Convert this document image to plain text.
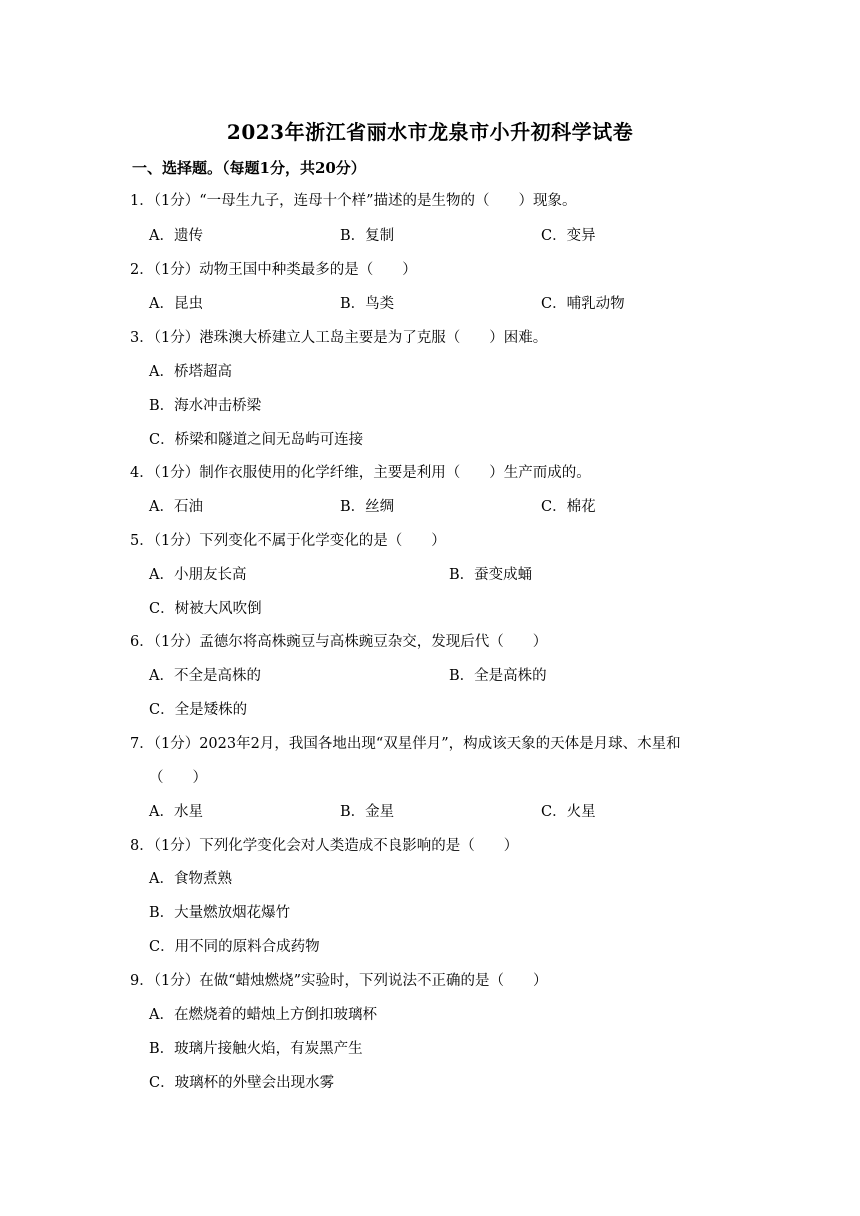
2023年浙江省丽水市龙泉市小升初科学试卷
一、选择题。（每题1分，共20分）
1．（1分）“一母生九子，连母十个样”描述的是生物的（　　）现象。
A．遗传	B．复制	C．变异
2．（1分）动物王国中种类最多的是（　　）
A．昆虫	B．鸟类	C．哺乳动物
3．（1分）港珠澳大桥建立人工岛主要是为了克服（　　）困难。
A．桥塔超高
B．海水冲击桥梁
C．桥梁和隧道之间无岛屿可连接
4．（1分）制作衣服使用的化学纤维，主要是利用（　　）生产而成的。
A．石油	B．丝绸	C．棉花
5．（1分）下列变化不属于化学变化的是（　　）
A．小朋友长高	B．蚕变成蛹
C．树被大风吹倒
6．（1分）孟德尔将高株豌豆与高株豌豆杂交，发现后代（　　）
A．不全是高株的	B．全是高株的
C．全是矮株的
7．（1分）2023年2月，我国各地出现“双星伴月”，构成该天象的天体是月球、木星和
（　　）
A．水星	B．金星	C．火星
8．（1分）下列化学变化会对人类造成不良影响的是（　　）
A．食物煮熟
B．大量燃放烟花爆竹
C．用不同的原料合成药物
9．（1分）在做“蜡烛燃烧”实验时，下列说法不正确的是（　　）
A．在燃烧着的蜡烛上方倒扣玻璃杯
B．玻璃片接触火焰，有炭黑产生
C．玻璃杯的外壁会出现水雾
